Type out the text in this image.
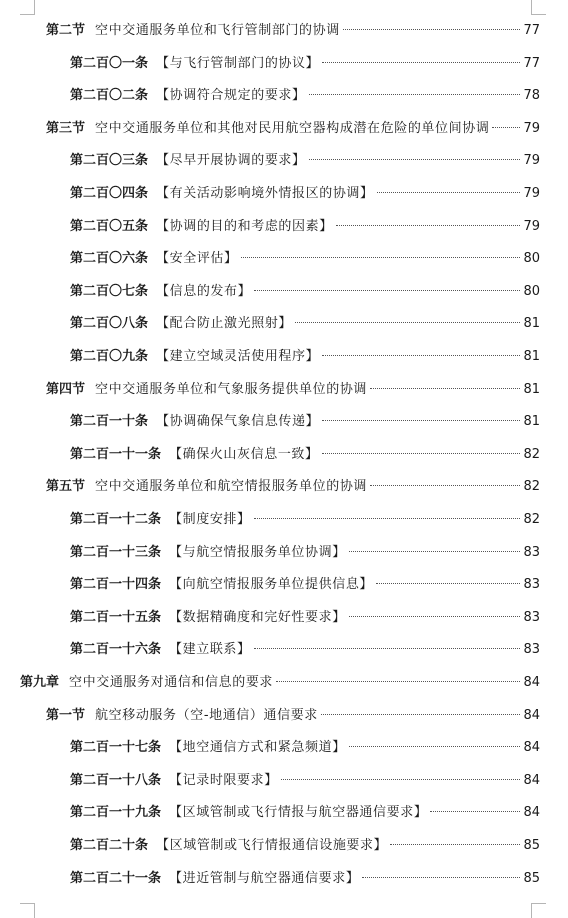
第二节 空中交通服务单位和飞行管制部门的协调	77
第二百〇一条 【与飞行管制部门的协议】	77
第二百〇二条 【协调符合规定的要求】	78
第三节 空中交通服务单位和其他对民用航空器构成潜在危险的单位间协调	79
第二百〇三条 【尽早开展协调的要求】	79
第二百〇四条 【有关活动影响境外情报区的协调】	79
第二百〇五条 【协调的目的和考虑的因素】	79
第二百〇六条 【安全评估】	80
第二百〇七条 【信息的发布】	80
第二百〇八条 【配合防止激光照射】	81
第二百〇九条 【建立空域灵活使用程序】	81
第四节 空中交通服务单位和气象服务提供单位的协调	81
第二百一十条 【协调确保气象信息传递】	81
第二百一十一条 【确保火山灰信息一致】	82
第五节 空中交通服务单位和航空情报服务单位的协调	82
第二百一十二条 【制度安排】	82
第二百一十三条 【与航空情报服务单位协调】	83
第二百一十四条 【向航空情报服务单位提供信息】	83
第二百一十五条 【数据精确度和完好性要求】	83
第二百一十六条 【建立联系】	83
第九章 空中交通服务对通信和信息的要求	84
第一节 航空移动服务（空-地通信）通信要求	84
第二百一十七条 【地空通信方式和紧急频道】	84
第二百一十八条 【记录时限要求】	84
第二百一十九条 【区域管制或飞行情报与航空器通信要求】	84
第二百二十条 【区域管制或飞行情报通信设施要求】	85
第二百二十一条 【进近管制与航空器通信要求】	85
